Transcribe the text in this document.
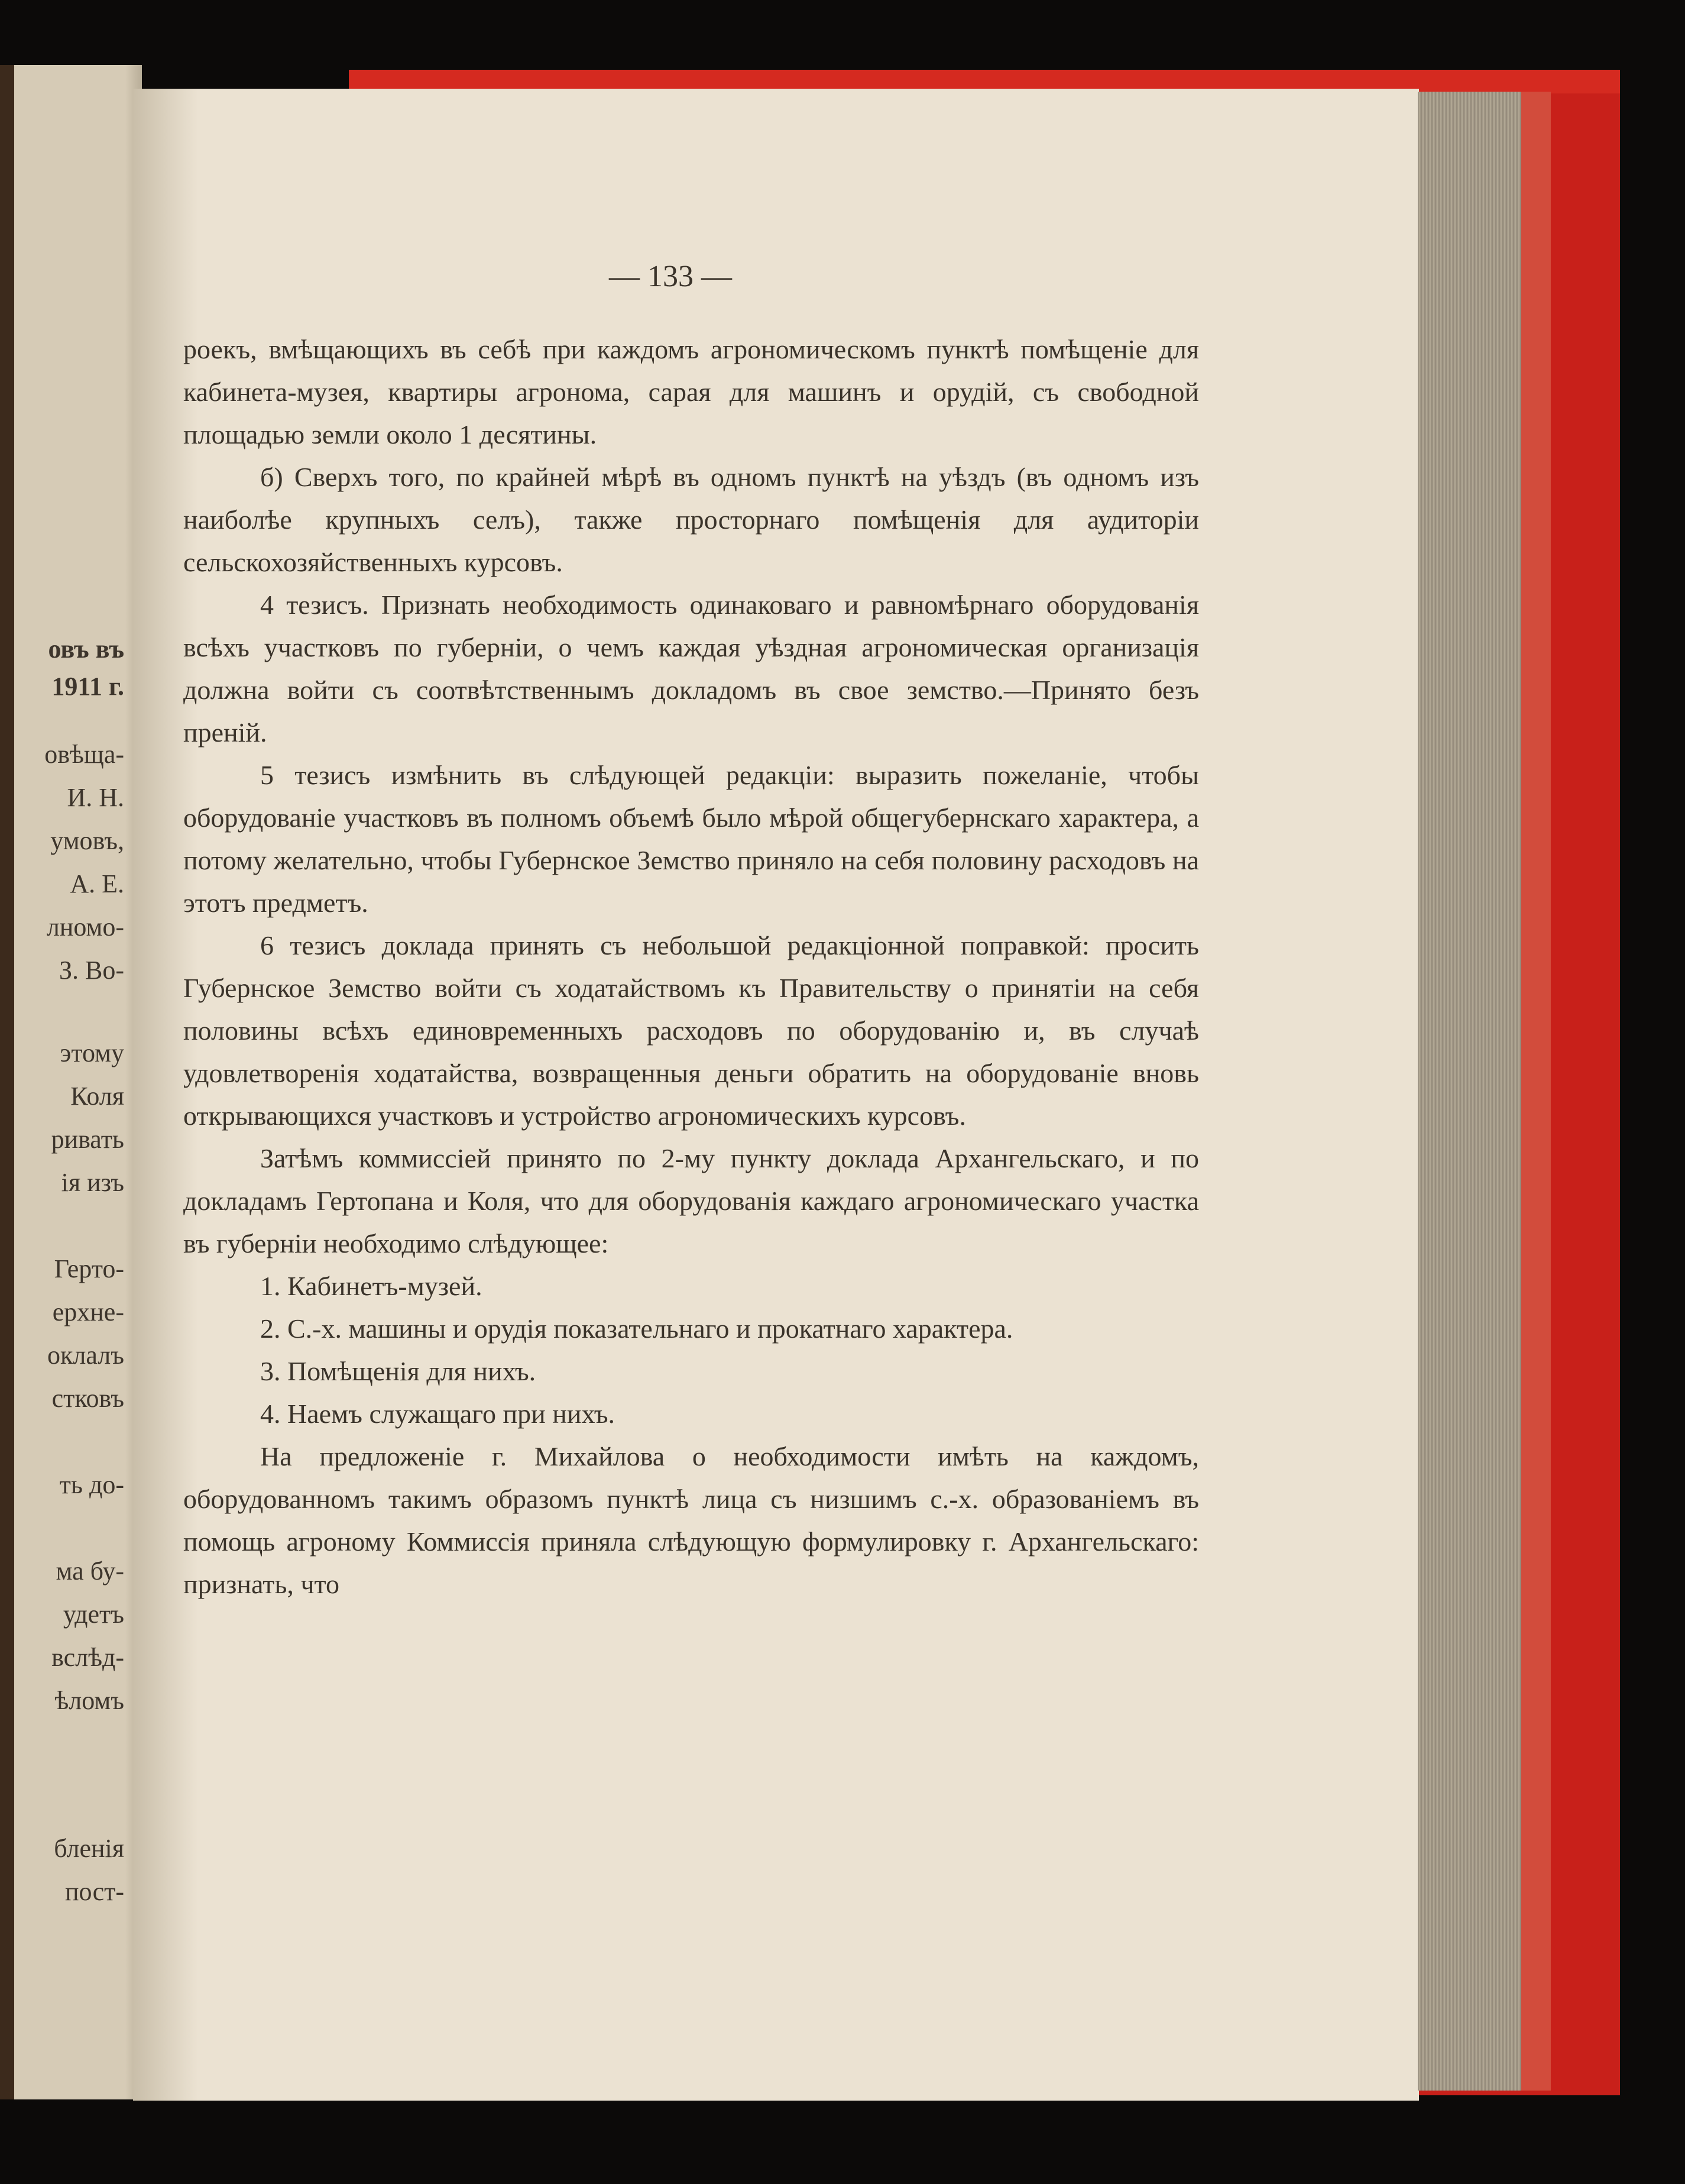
овъ въ
1911 г.
овѣща-
И. Н.
умовъ,
А. Е.
лномо-
З. Во-
этому
Коля
ривать
ія изъ
Герто-
ерхне-
оклалъ
стковъ
ть до-
ма бу-
удетъ
вслѣд-
ѣломъ
бленія
пост-
— 133 —

роекъ, вмѣщающихъ въ себѣ при каждомъ агрономическомъ пунктѣ помѣщеніе для кабинета-музея, квартиры агронома, сарая для машинъ и орудій, съ свободной площадью земли около 1 десятины.

б) Сверхъ того, по крайней мѣрѣ въ одномъ пунктѣ на уѣздъ (въ одномъ изъ наиболѣе крупныхъ селъ), также просторнаго помѣщенія для аудиторіи сельскохозяйственныхъ курсовъ.

4 тезисъ. Признать необходимость одинаковаго и равномѣрнаго оборудованія всѣхъ участковъ по губерніи, о чемъ каждая уѣздная агрономическая организація должна войти съ соотвѣтственнымъ докладомъ въ свое земство.—Принято безъ преній.

5 тезисъ измѣнить въ слѣдующей редакціи: выразить пожеланіе, чтобы оборудованіе участковъ въ полномъ объемѣ было мѣрой общегубернскаго характера, а потому желательно, чтобы Губернское Земство приняло на себя половину расходовъ на этотъ предметъ.

6 тезисъ доклада принять съ небольшой редакціонной поправкой: просить Губернское Земство войти съ ходатайствомъ къ Правительству о принятіи на себя половины всѣхъ единовременныхъ расходовъ по оборудованію и, въ случаѣ удовлетворенія ходатайства, возвращенныя деньги обратить на оборудованіе вновь открывающихся участковъ и устройство агрономическихъ курсовъ.

Затѣмъ коммиссіей принято по 2-му пункту доклада Архангельскаго, и по докладамъ Гертопана и Коля, что для оборудованія каждаго агрономическаго участка въ губерніи необходимо слѣдующее:

1. Кабинетъ-музей.

2. С.-х. машины и орудія показательнаго и прокатнаго характера.

3. Помѣщенія для нихъ.

4. Наемъ служащаго при нихъ.

На предложеніе г. Михайлова о необходимости имѣть на каждомъ, оборудованномъ такимъ образомъ пунктѣ лица съ низшимъ с.-х. образованіемъ въ помощь агроному Коммиссія приняла слѣдующую формулировку г. Архангельскаго: признать, что
